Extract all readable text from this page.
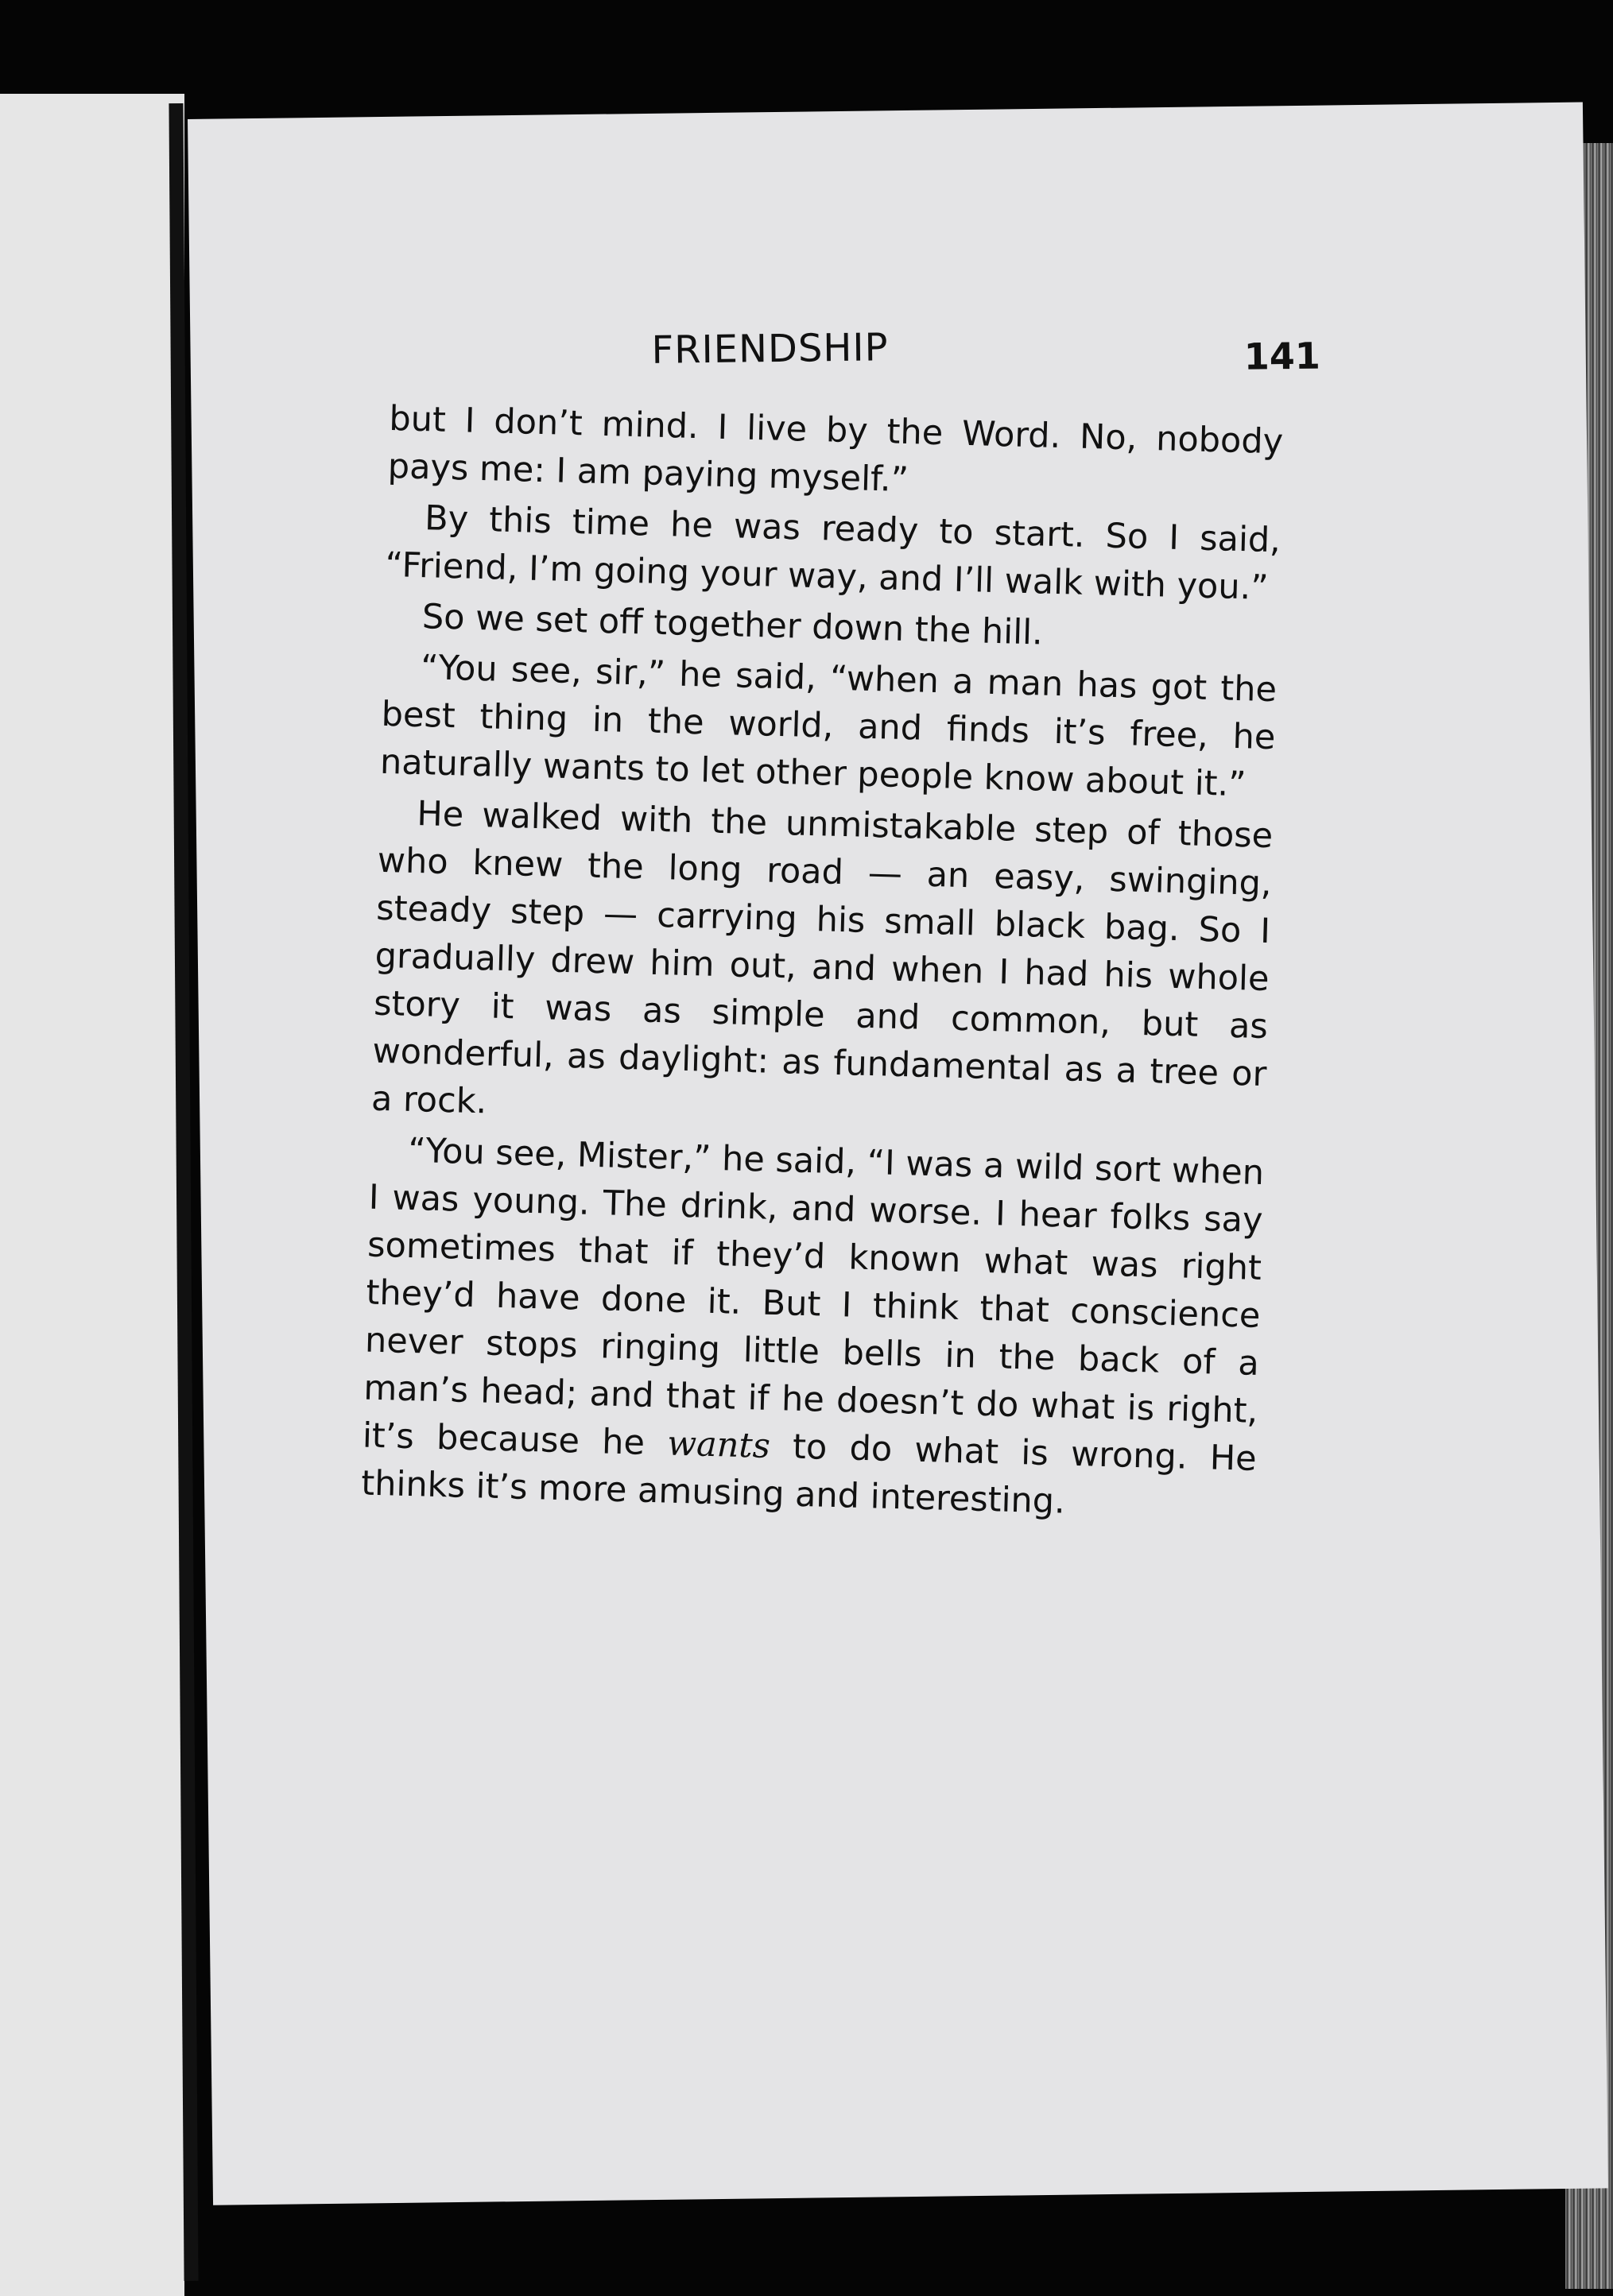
FRIENDSHIP	141

but I don’t mind. I live by the Word. No, nobody pays me: I am paying myself.”

By this time he was ready to start. So I said, “Friend, I’m going your way, and I’ll walk with you.”

So we set off together down the hill.

“You see, sir,” he said, “when a man has got the best thing in the world, and finds it’s free, he naturally wants to let other people know about it.”

He walked with the unmistakable step of those who knew the long road — an easy, swinging, steady step — carrying his small black bag. So I gradually drew him out, and when I had his whole story it was as simple and common, but as wonderful, as daylight: as fundamental as a tree or a rock.

“You see, Mister,” he said, “I was a wild sort when I was young. The drink, and worse. I hear folks say sometimes that if they’d known what was right they’d have done it. But I think that conscience never stops ringing little bells in the back of a man’s head; and that if he doesn’t do what is right, it’s because he wants to do what is wrong. He thinks it’s more amusing and interesting.
